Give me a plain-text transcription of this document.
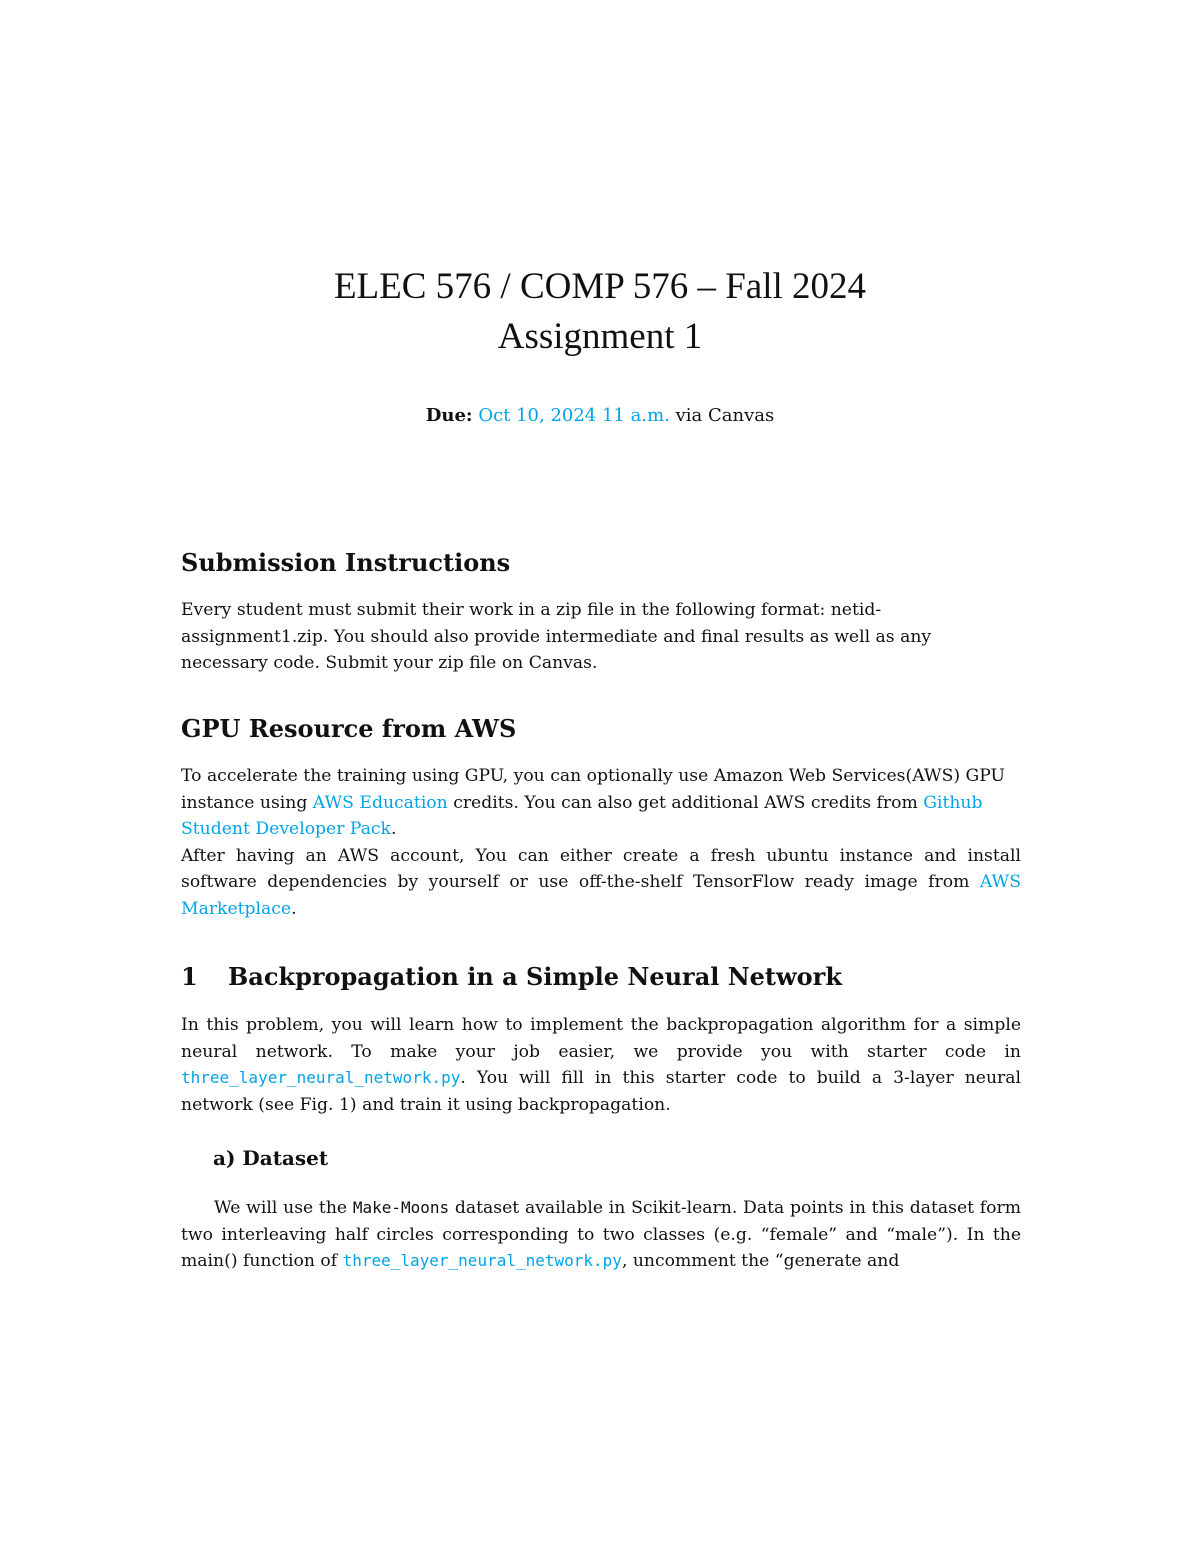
ELEC 576 / COMP 576 – Fall 2024
Assignment 1
Due: Oct 10, 2024 11 a.m. via Canvas
Submission Instructions

Every student must submit their work in a zip file in the following format: netid-assignment1.zip. You should also provide intermediate and final results as well as any necessary code. Submit your zip file on Canvas.

GPU Resource from AWS

To accelerate the training using GPU, you can optionally use Amazon Web Services(AWS) GPU instance using AWS Education credits. You can also get additional AWS credits from Github Student Developer Pack.

After having an AWS account, You can either create a fresh ubuntu instance and install software dependencies by yourself or use off-the-shelf TensorFlow ready image from AWS Marketplace.

1 Backpropagation in a Simple Neural Network

In this problem, you will learn how to implement the backpropagation algorithm for a simple neural network. To make your job easier, we provide you with starter code in three_layer_neural_network.py. You will fill in this starter code to build a 3-layer neural network (see Fig. 1) and train it using backpropagation.

a) Dataset

We will use the Make-Moons dataset available in Scikit-learn. Data points in this dataset form two interleaving half circles corresponding to two classes (e.g. “female” and “male”). In the main() function of three_layer_neural_network.py, uncomment the “generate and
